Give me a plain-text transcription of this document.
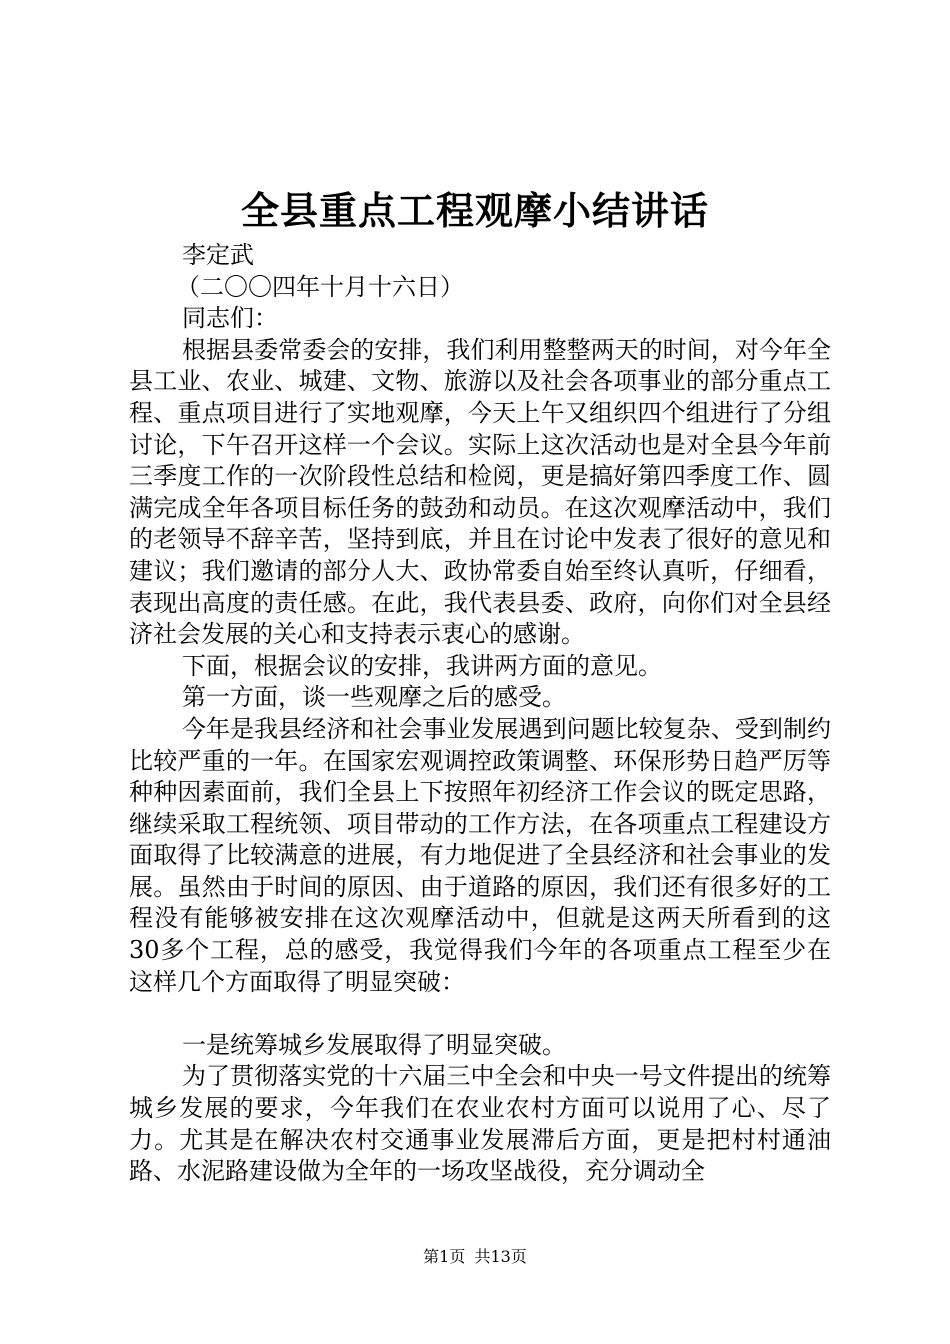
全县重点工程观摩小结讲话

李定武

（二〇〇四年十月十六日）

同志们：

根据县委常委会的安排，我们利用整整两天的时间，对今年全县工业、农业、城建、文物、旅游以及社会各项事业的部分重点工程、重点项目进行了实地观摩，今天上午又组织四个组进行了分组讨论，下午召开这样一个会议。实际上这次活动也是对全县今年前三季度工作的一次阶段性总结和检阅，更是搞好第四季度工作、圆满完成全年各项目标任务的鼓劲和动员。在这次观摩活动中，我们的老领导不辞辛苦，坚持到底，并且在讨论中发表了很好的意见和建议；我们邀请的部分人大、政协常委自始至终认真听，仔细看，表现出高度的责任感。在此，我代表县委、政府，向你们对全县经济社会发展的关心和支持表示衷心的感谢。

下面，根据会议的安排，我讲两方面的意见。

第一方面，谈一些观摩之后的感受。

今年是我县经济和社会事业发展遇到问题比较复杂、受到制约比较严重的一年。在国家宏观调控政策调整、环保形势日趋严厉等种种因素面前，我们全县上下按照年初经济工作会议的既定思路，继续采取工程统领、项目带动的工作方法，在各项重点工程建设方面取得了比较满意的进展，有力地促进了全县经济和社会事业的发展。虽然由于时间的原因、由于道路的原因，我们还有很多好的工程没有能够被安排在这次观摩活动中，但就是这两天所看到的这30多个工程，总的感受，我觉得我们今年的各项重点工程至少在这样几个方面取得了明显突破：

一是统筹城乡发展取得了明显突破。

为了贯彻落实党的十六届三中全会和中央一号文件提出的统筹城乡发展的要求，今年我们在农业农村方面可以说用了心、尽了力。尤其是在解决农村交通事业发展滞后方面，更是把村村通油路、水泥路建设做为全年的一场攻坚战役，充分调动全

第1页 共13页
